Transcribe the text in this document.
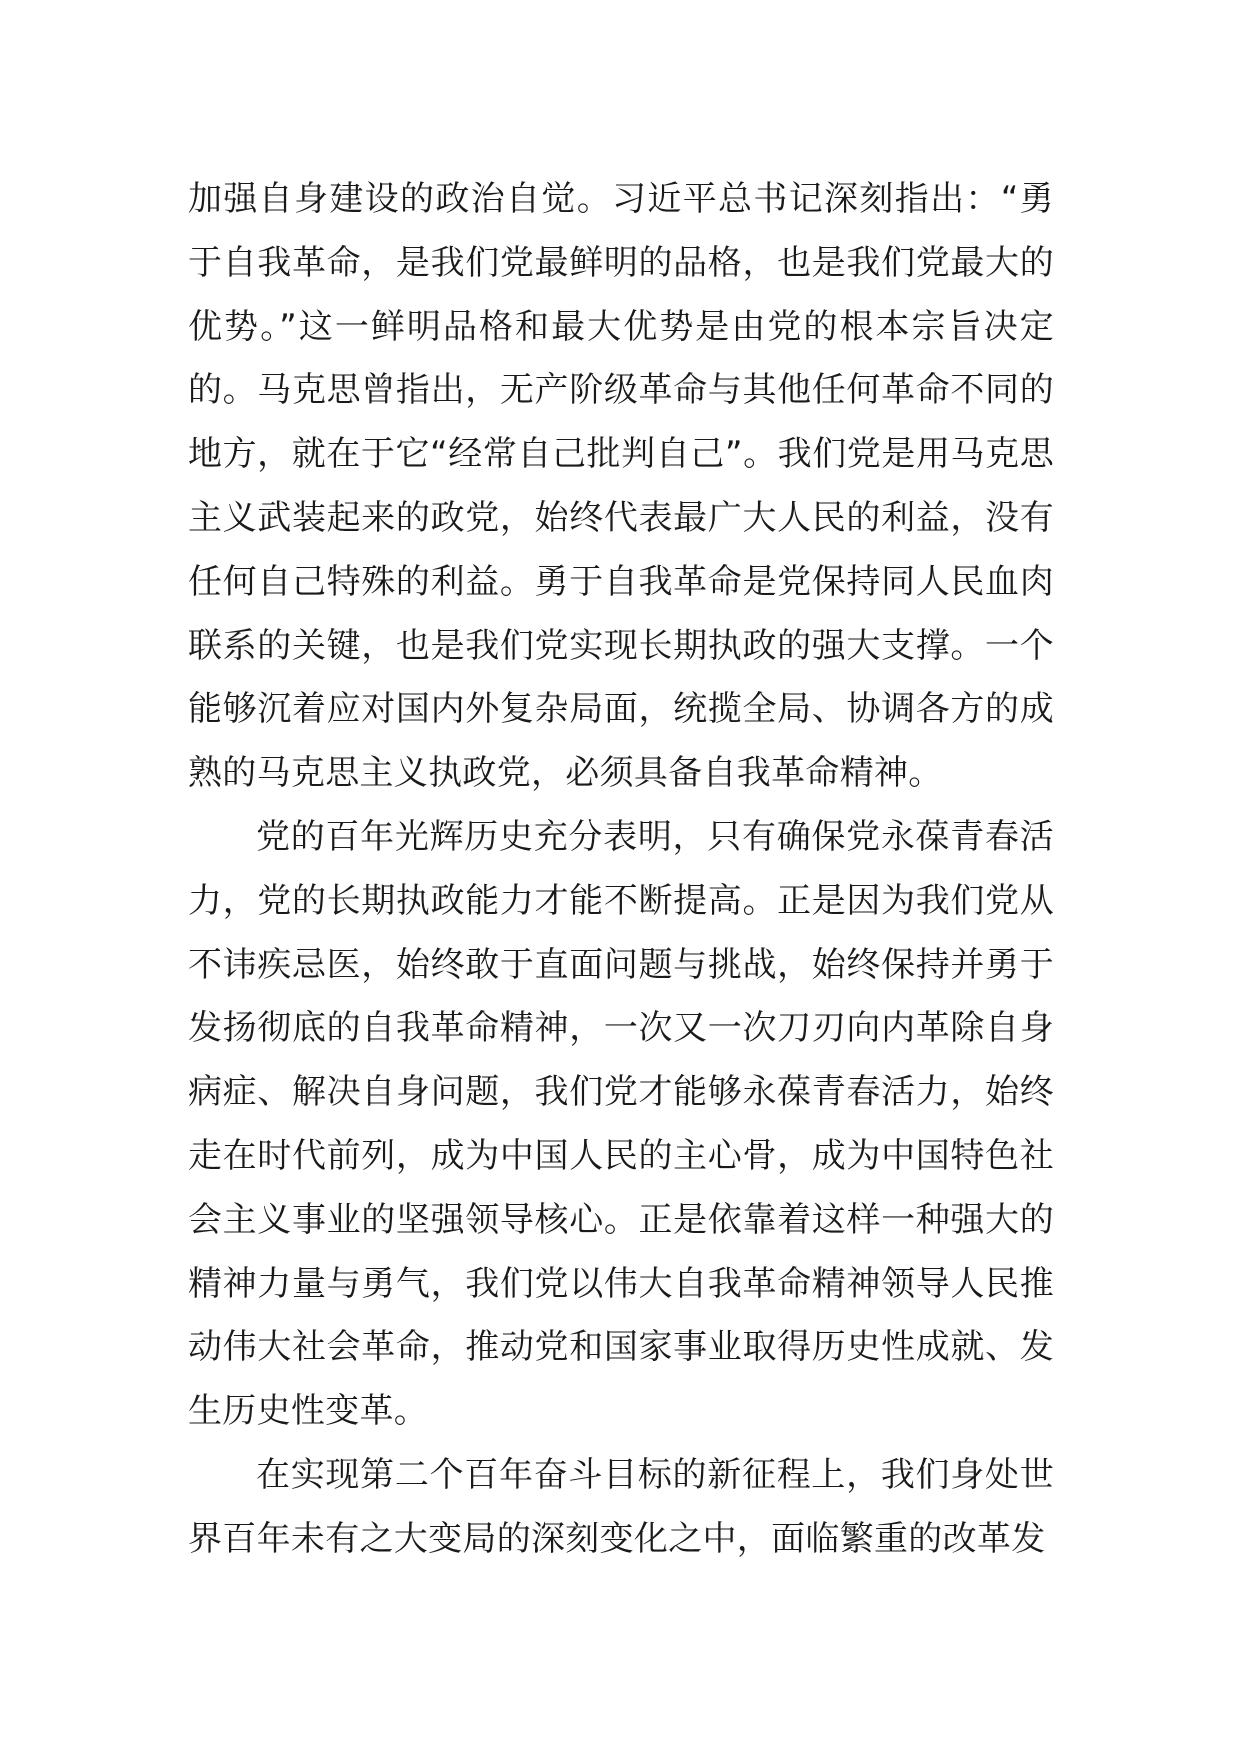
加强自身建设的政治自觉。习近平总书记深刻指出：“勇于自我革命，是我们党最鲜明的品格，也是我们党最大的优势。”这一鲜明品格和最大优势是由党的根本宗旨决定的。马克思曾指出，无产阶级革命与其他任何革命不同的地方，就在于它“经常自己批判自己”。我们党是用马克思主义武装起来的政党，始终代表最广大人民的利益，没有任何自己特殊的利益。勇于自我革命是党保持同人民血肉联系的关键，也是我们党实现长期执政的强大支撑。一个能够沉着应对国内外复杂局面，统揽全局、协调各方的成熟的马克思主义执政党，必须具备自我革命精神。

党的百年光辉历史充分表明，只有确保党永葆青春活力，党的长期执政能力才能不断提高。正是因为我们党从不讳疾忌医，始终敢于直面问题与挑战，始终保持并勇于发扬彻底的自我革命精神，一次又一次刀刃向内革除自身病症、解决自身问题，我们党才能够永葆青春活力，始终走在时代前列，成为中国人民的主心骨，成为中国特色社会主义事业的坚强领导核心。正是依靠着这样一种强大的精神力量与勇气，我们党以伟大自我革命精神领导人民推动伟大社会革命，推动党和国家事业取得历史性成就、发生历史性变革。

在实现第二个百年奋斗目标的新征程上，我们身处世界百年未有之大变局的深刻变化之中，面临繁重的改革发
